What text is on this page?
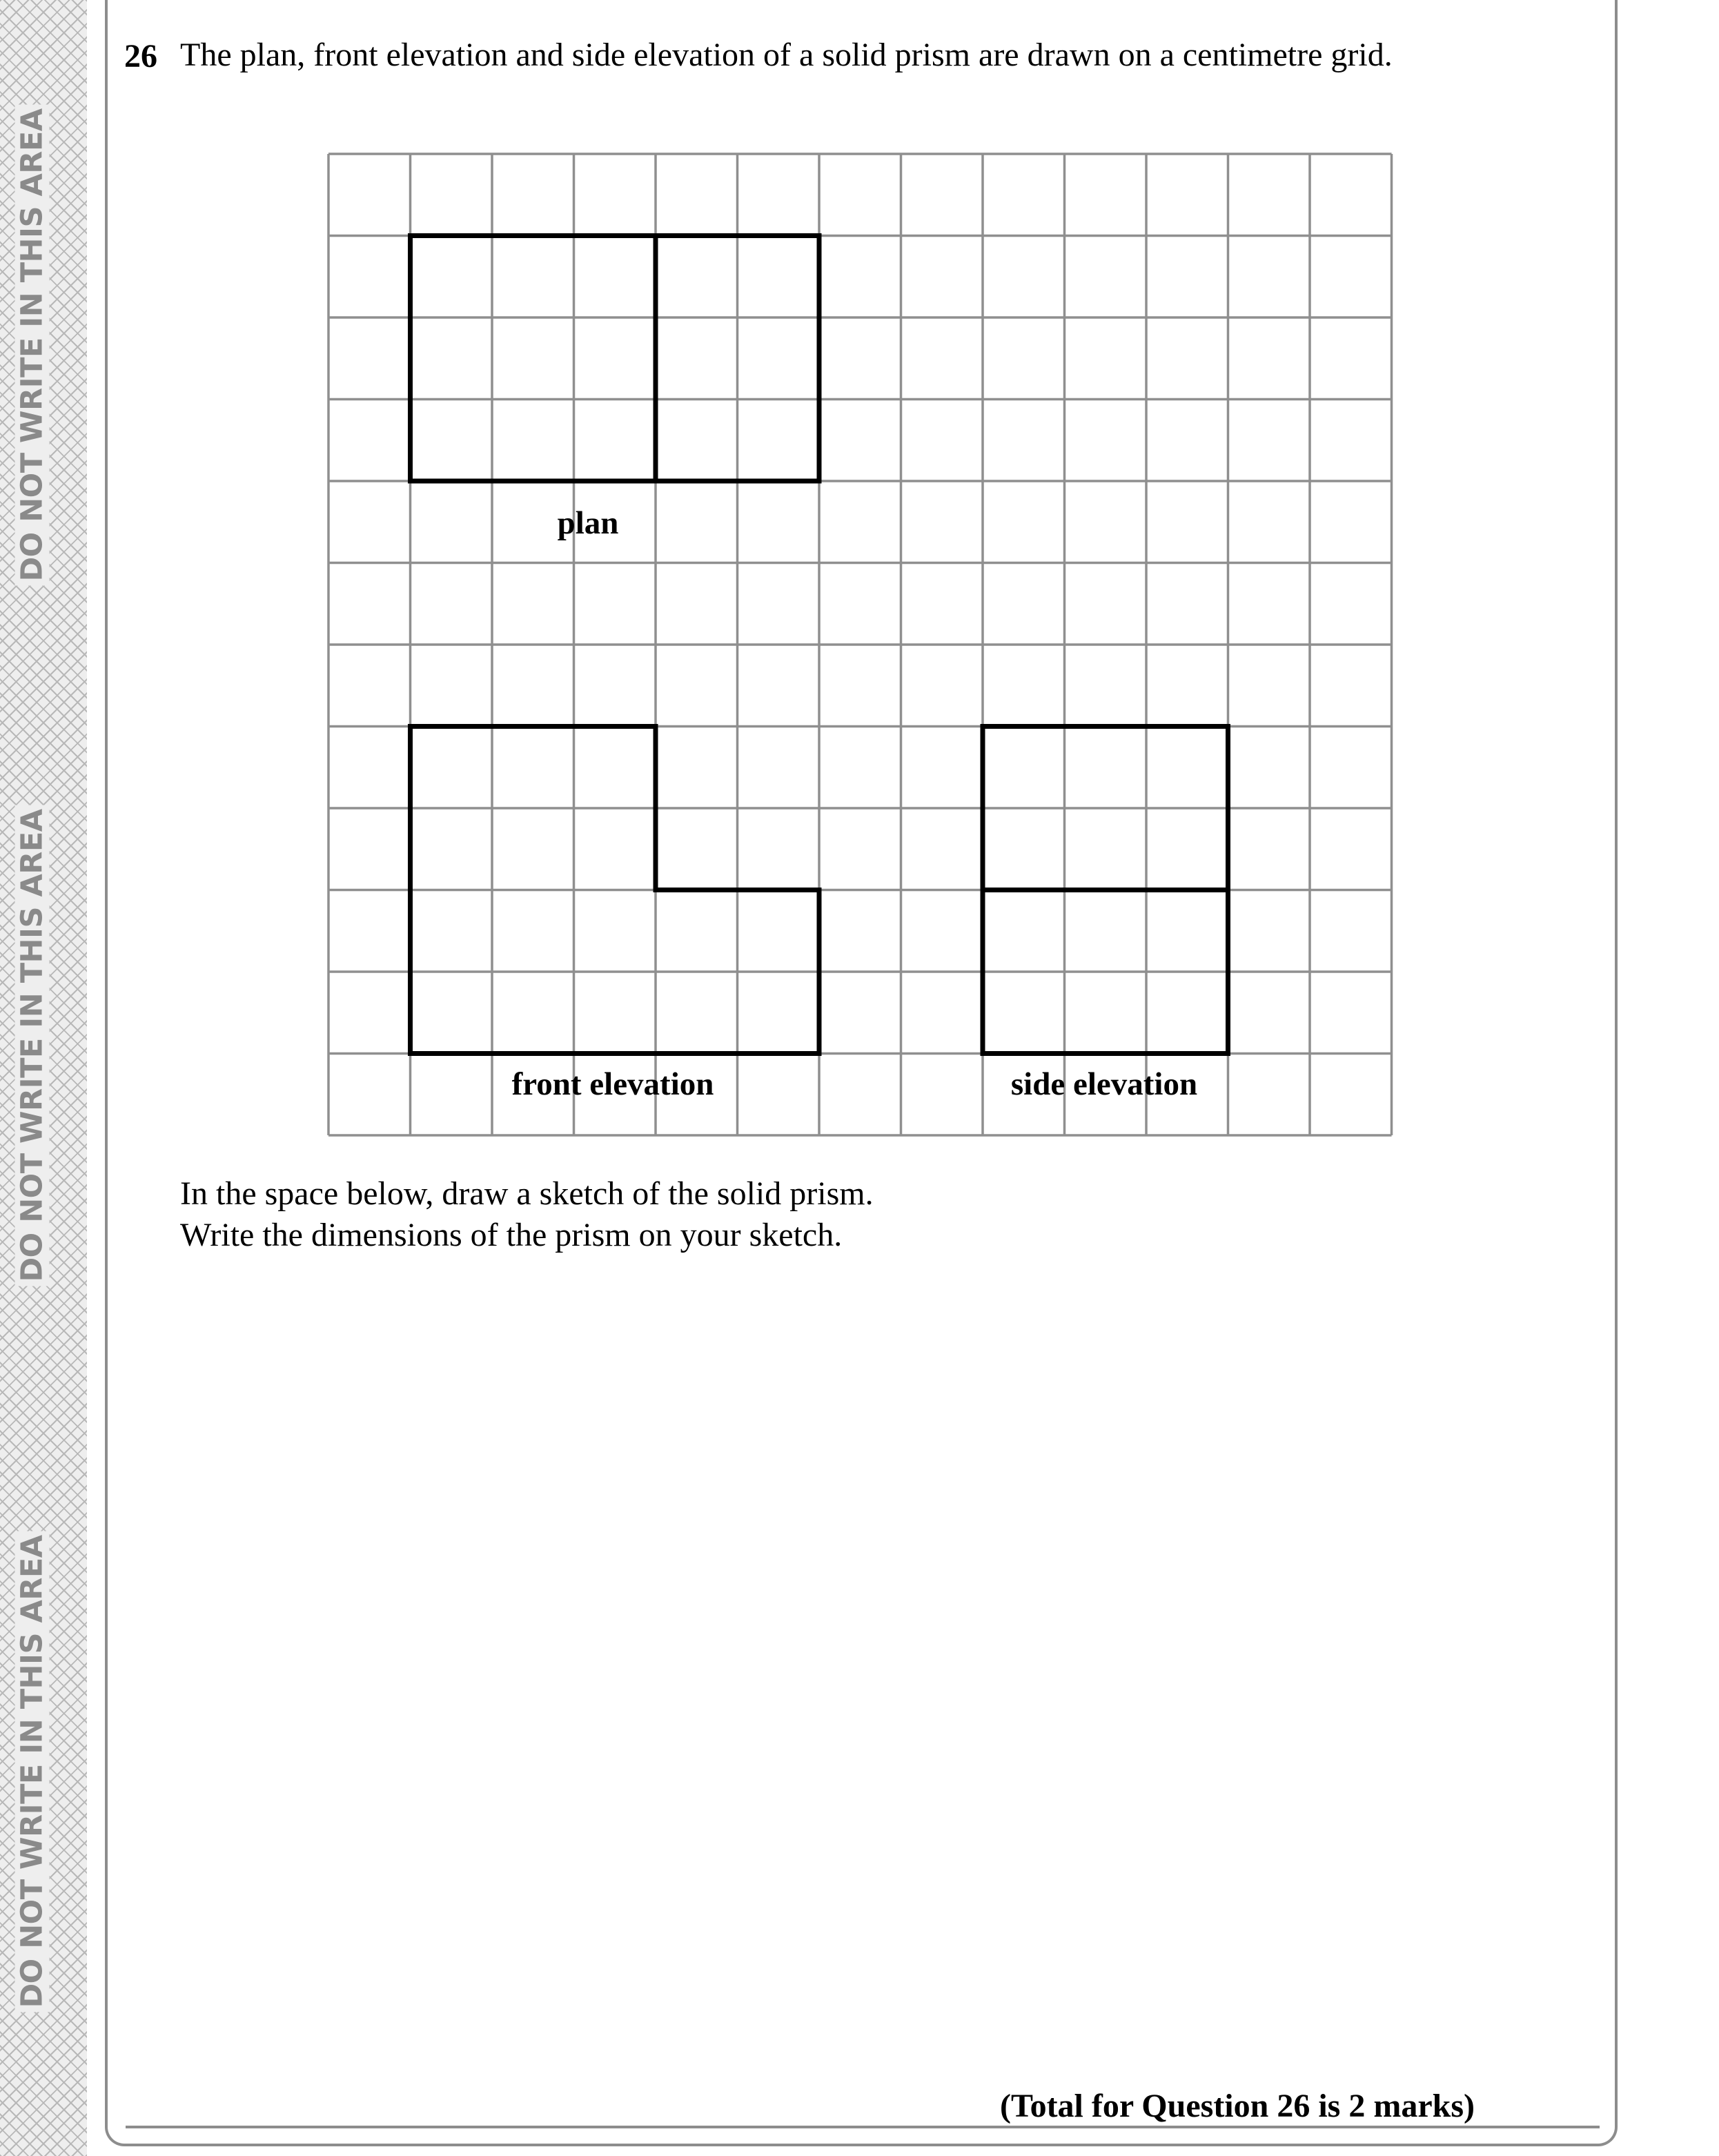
DO NOT WRITE IN THIS AREA
DO NOT WRITE IN THIS AREA
DO NOT WRITE IN THIS AREA
26 The plan, front elevation and side elevation of a solid prism are drawn on a centimetre grid.
plan
front elevation	side elevation
In the space below, draw a sketch of the solid prism.
Write the dimensions of the prism on your sketch.
(Total for Question 26 is 2 marks)
